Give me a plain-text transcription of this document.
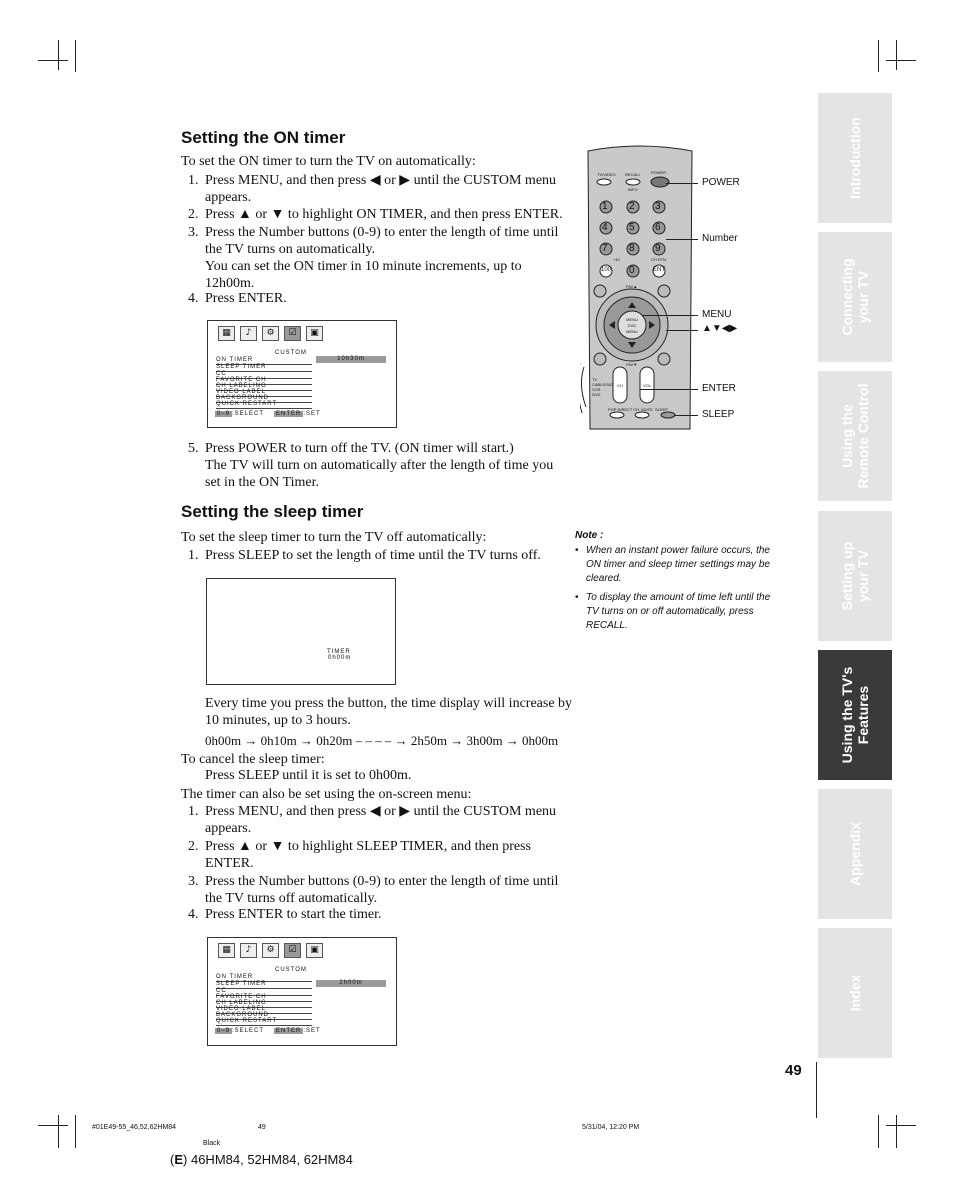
Setting the ON timer
To set the ON timer to turn the TV on automatically:
1. Press MENU, and then press ◀ or ▶ until the CUSTOM menu
appears.
2. Press ▲ or ▼ to highlight ON TIMER, and then press ENTER.
3. Press the Number buttons (0-9) to enter the length of time until
the TV turns on automatically.
You can set the ON timer in 10 minute increments, up to
12h00m.
4. Press ENTER.
▦	♪	⚙	☑	▣
CUSTOM
ON TIMER
SLEEP TIMER
CC
FAVORITE CH
CH LABELING
VIDEO LABEL
BACKGROUND
QUICK RESTART
10h30m
0–9 :SELECT	ENTER :SET
5. Press POWER to turn off the TV. (ON timer will start.)
The TV will turn on automatically after the length of time you
set in the ON Timer.
TV/VIDEO RECALL	POWER
INFO
1 2 3
4 5 6
7 8 9
100 0	ENT
+10	CH RTN
FAV▲
FAV▼
MENU DVD MENU
CH	VOL
TV
CABLE/SAT
VCR
DVD
POP DIRECT CH  MUTE  SLEEP
POWER
Number
MENU
▲▼◀▶
ENTER
SLEEP
Note :
• When an instant power failure occurs, the
ON timer and sleep timer settings may be
cleared.
• To display the amount of time left until the
TV turns on or off automatically, press
RECALL.
Setting the sleep timer
To set the sleep timer to turn the TV off automatically:
1. Press SLEEP to set the length of time until the TV turns off.
TIMER
0h00m
Every time you press the button, the time display will increase by
10 minutes, up to 3 hours.
0h00m → 0h10m → 0h20m – – – – → 2h50m → 3h00m → 0h00m
To cancel the sleep timer:
Press SLEEP until it is set to 0h00m.
The timer can also be set using the on-screen menu:
1. Press MENU, and then press ◀ or ▶ until the CUSTOM menu
appears.
2. Press ▲ or ▼ to highlight SLEEP TIMER, and then press
ENTER.
3. Press the Number buttons (0-9) to enter the length of time until
the TV turns off automatically.
4. Press ENTER to start the timer.
▦	♪	⚙	☑	▣
CUSTOM
ON TIMER
SLEEP TIMER
CC
FAVORITE CH
CH LABELING
VIDEO LABEL
BACKGROUND
QUICK RESTART
2h00m
0–9 :SELECT	ENTER :SET
Introduction
Connecting your TV
Using the Remote Control
Setting up your TV
Using the TV's Features
Appendix
Index
49
#01E49-55_46,52,62HM84	49	5/31/04, 12:20 PM
Black
(E) 46HM84, 52HM84, 62HM84
